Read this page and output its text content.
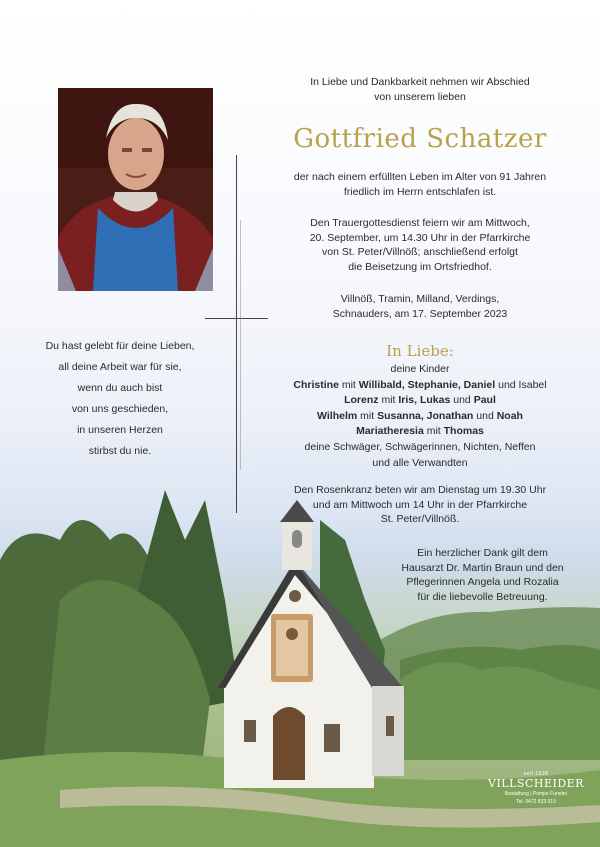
In Liebe und Dankbarkeit nehmen wir Abschied
von unserem lieben
Gottfried Schatzer
der nach einem erfüllten Leben im Alter von 91 Jahren
friedlich im Herrn entschlafen ist.
Den Trauergottesdienst feiern wir am Mittwoch,
20. September, um 14.30 Uhr in der Pfarrkirche
von St. Peter/Villnöß; anschließend erfolgt
die Beisetzung im Ortsfriedhof.
Villnöß, Tramin, Milland, Verdings,
Schnauders, am 17. September 2023
Du hast gelebt für deine Lieben,
all deine Arbeit war für sie,
wenn du auch bist
von uns geschieden,
in unseren Herzen
stirbst du nie.
In Liebe:
deine Kinder
Christine mit Willibald, Stephanie, Daniel und Isabel
Lorenz mit Iris, Lukas und Paul
Wilhelm mit Susanna, Jonathan und Noah
Mariatheresia mit Thomas
deine Schwäger, Schwägerinnen, Nichten, Neffen
und alle Verwandten
Den Rosenkranz beten wir am Dienstag um 19.30 Uhr
und am Mittwoch um 14 Uhr in der Pfarrkirche
St. Peter/Villnöß.
Ein herzlicher Dank gilt dem
Hausarzt Dr. Martin Braun und den
Pflegerinnen Angela und Rozalia
für die liebevolle Betreuung.
seit 1928
VILLSCHEIDER
Bestattung | Pompe Funebri
Tel. 0472 833 019
